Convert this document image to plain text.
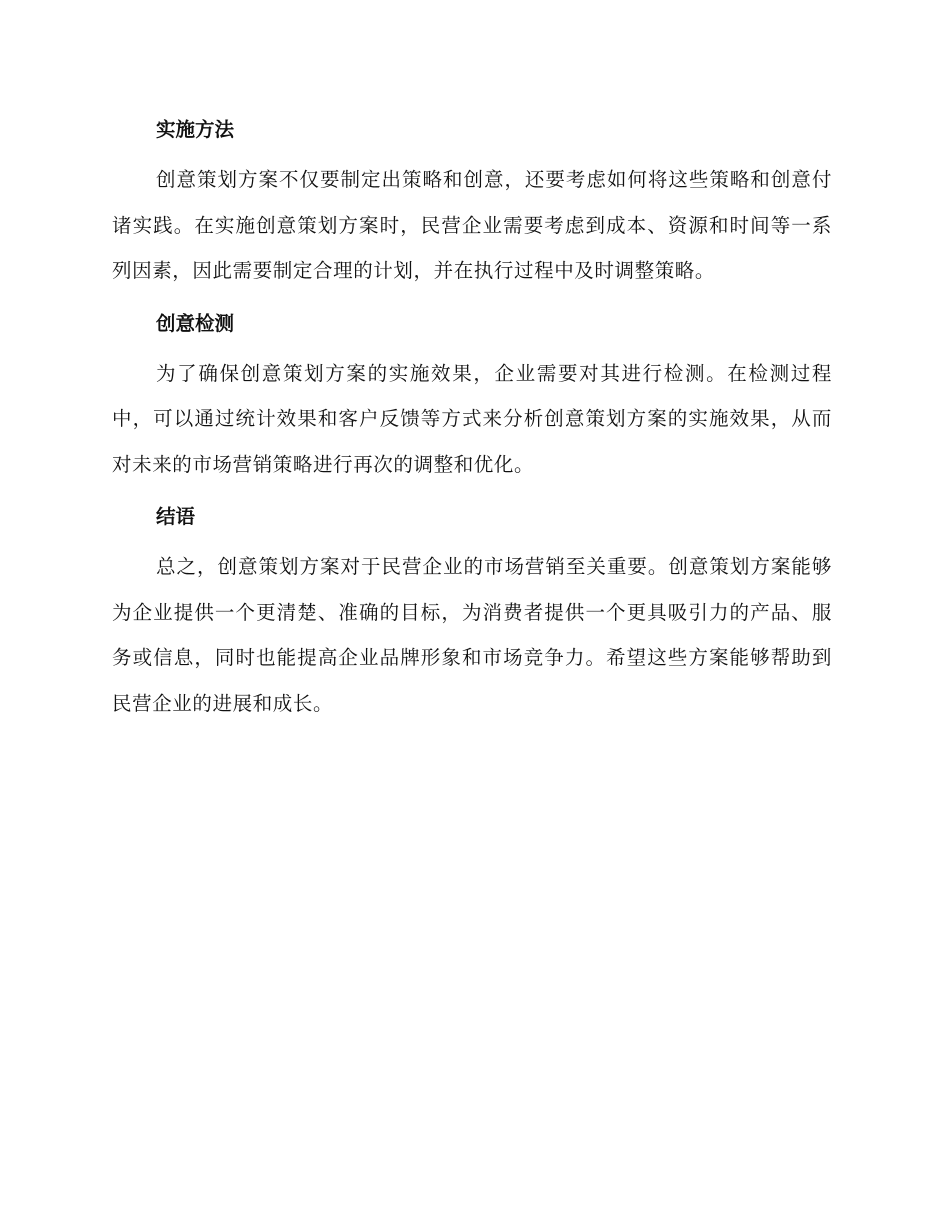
实施方法

创意策划方案不仅要制定出策略和创意，还要考虑如何将这些策略和创意付诸实践。在实施创意策划方案时，民营企业需要考虑到成本、资源和时间等一系列因素，因此需要制定合理的计划，并在执行过程中及时调整策略。

创意检测

为了确保创意策划方案的实施效果，企业需要对其进行检测。在检测过程中，可以通过统计效果和客户反馈等方式来分析创意策划方案的实施效果，从而对未来的市场营销策略进行再次的调整和优化。

结语

总之，创意策划方案对于民营企业的市场营销至关重要。创意策划方案能够为企业提供一个更清楚、准确的目标，为消费者提供一个更具吸引力的产品、服务或信息，同时也能提高企业品牌形象和市场竞争力。希望这些方案能够帮助到民营企业的进展和成长。
